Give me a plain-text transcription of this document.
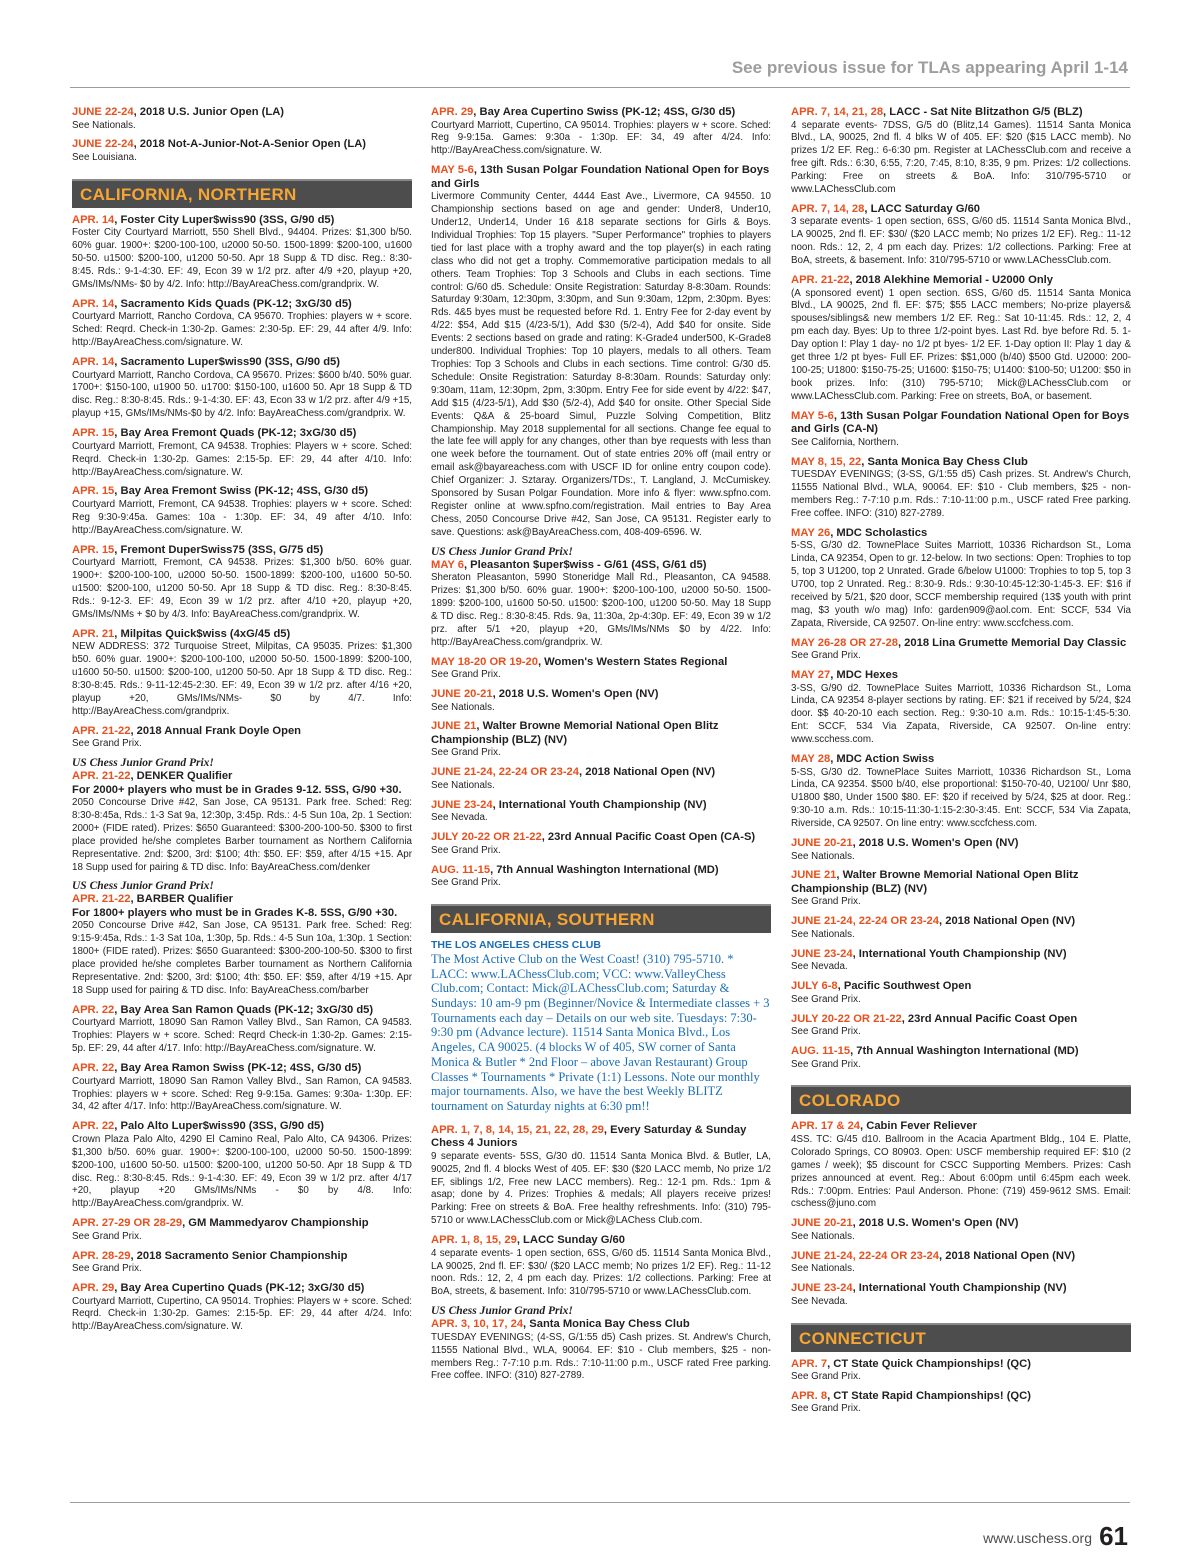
See previous issue for TLAs appearing April 1-14
JUNE 22-24, 2018 U.S. Junior Open (LA)
See Nationals.
JUNE 22-24, 2018 Not-A-Junior-Not-A-Senior Open (LA)
See Louisiana.
CALIFORNIA, NORTHERN
APR. 14, Foster City Luper$wiss90 (3SS, G/90 d5)
Foster City Courtyard Marriott, 550 Shell Blvd., 94404. Prizes: $1,300 b/50. 60% guar. 1900+: $200-100-100, u2000 50-50. 1500-1899: $200-100, u1600 50-50. u1500: $200-100, u1200 50-50. Apr 18 Supp & TD disc. Reg.: 8:30-8:45. Rds.: 9-1-4:30. EF: 49, Econ 39 w 1/2 prz. after 4/9 +20, playup +20, GMs/IMs/NMs- $0 by 4/2. Info: http://BayAreaChess.com/grandprix. W.
APR. 14, Sacramento Kids Quads (PK-12; 3xG/30 d5)
Courtyard Marriott, Rancho Cordova, CA 95670. Trophies: players w + score. Sched: Reqrd. Check-in 1:30-2p. Games: 2:30-5p. EF: 29, 44 after 4/9. Info: http://BayAreaChess.com/signature. W.
APR. 14, Sacramento Luper$wiss90 (3SS, G/90 d5)
Courtyard Marriott, Rancho Cordova, CA 95670. Prizes: $600 b/40. 50% guar. 1700+: $150-100, u1900 50. u1700: $150-100, u1600 50. Apr 18 Supp & TD disc. Reg.: 8:30-8:45. Rds.: 9-1-4:30. EF: 43, Econ 33 w 1/2 prz. after 4/9 +15, playup +15, GMs/IMs/NMs-$0 by 4/2. Info: BayAreaChess.com/grandprix. W.
APR. 15, Bay Area Fremont Quads (PK-12; 3xG/30 d5)
Courtyard Marriott, Fremont, CA 94538. Trophies: Players w + score. Sched: Reqrd. Check-in 1:30-2p. Games: 2:15-5p. EF: 29, 44 after 4/10. Info: http://BayAreaChess.com/signature. W.
APR. 15, Bay Area Fremont Swiss (PK-12; 4SS, G/30 d5)
Courtyard Marriott, Fremont, CA 94538. Trophies: players w + score. Sched: Reg 9:30-9:45a. Games: 10a - 1:30p. EF: 34, 49 after 4/10. Info: http://BayAreaChess.com/signature. W.
APR. 15, Fremont DuperSwiss75 (3SS, G/75 d5)
Courtyard Marriott, Fremont, CA 94538. Prizes: $1,300 b/50. 60% guar. 1900+: $200-100-100, u2000 50-50. 1500-1899: $200-100, u1600 50-50. u1500: $200-100, u1200 50-50. Apr 18 Supp & TD disc. Reg.: 8:30-8:45. Rds.: 9-12-3. EF: 49, Econ 39 w 1/2 prz. after 4/10 +20, playup +20, GMs/IMs/NMs + $0 by 4/3. Info: BayAreaChess.com/grandprix. W.
APR. 21, Milpitas Quick$wiss (4xG/45 d5)
NEW ADDRESS: 372 Turquoise Street, Milpitas, CA 95035. Prizes: $1,300 b50. 60% guar. 1900+: $200-100-100, u2000 50-50. 1500-1899: $200-100, u1600 50-50. u1500: $200-100, u1200 50-50. Apr 18 Supp & TD disc. Reg.: 8:30-8:45. Rds.: 9-11-12:45-2:30. EF: 49, Econ 39 w 1/2 prz. after 4/16 +20, playup +20, GMs/IMs/NMs- $0 by 4/7. Info: http://BayAreaChess.com/grandprix.
APR. 21-22, 2018 Annual Frank Doyle Open
See Grand Prix.
US Chess Junior Grand Prix!
APR. 21-22, DENKER Qualifier
For 2000+ players who must be in Grades 9-12. 5SS, G/90 +30.
2050 Concourse Drive #42, San Jose, CA 95131. Park free. Sched: Reg: 8:30-8:45a, Rds.: 1-3 Sat 9a, 12:30p, 3:45p. Rds.: 4-5 Sun 10a, 2p. 1 Section: 2000+ (FIDE rated). Prizes: $650 Guaranteed: $300-200-100-50. $300 to first place provided he/she completes Barber tournament as Northern California Representative. 2nd: $200, 3rd: $100; 4th: $50. EF: $59, after 4/15 +15. Apr 18 Supp used for pairing & TD disc. Info: BayAreaChess.com/denker
US Chess Junior Grand Prix!
APR. 21-22, BARBER Qualifier
For 1800+ players who must be in Grades K-8. 5SS, G/90 +30.
2050 Concourse Drive #42, San Jose, CA 95131. Park free. Sched: Reg: 9:15-9:45a, Rds.: 1-3 Sat 10a, 1:30p, 5p. Rds.: 4-5 Sun 10a, 1:30p. 1 Section: 1800+ (FIDE rated). Prizes: $650 Guaranteed: $300-200-100-50. $300 to first place provided he/she completes Barber tournament as Northern California Representative. 2nd: $200, 3rd: $100; 4th: $50. EF: $59, after 4/19 +15. Apr 18 Supp used for pairing & TD disc. Info: BayAreaChess.com/barber
APR. 22, Bay Area San Ramon Quads (PK-12; 3xG/30 d5)
Courtyard Marriott, 18090 San Ramon Valley Blvd., San Ramon, CA 94583. Trophies: Players w + score. Sched: Reqrd Check-in 1:30-2p. Games: 2:15-5p. EF: 29, 44 after 4/17. Info: http://BayAreaChess.com/signature. W.
APR. 22, Bay Area Ramon Swiss (PK-12; 4SS, G/30 d5)
Courtyard Marriott, 18090 San Ramon Valley Blvd., San Ramon, CA 94583. Trophies: players w + score. Sched: Reg 9-9:15a. Games: 9:30a- 1:30p. EF: 34, 42 after 4/17. Info: http://BayAreaChess.com/signature. W.
APR. 22, Palo Alto Luper$wiss90 (3SS, G/90 d5)
Crown Plaza Palo Alto, 4290 El Camino Real, Palo Alto, CA 94306. Prizes: $1,300 b/50. 60% guar. 1900+: $200-100-100, u2000 50-50. 1500-1899: $200-100, u1600 50-50. u1500: $200-100, u1200 50-50. Apr 18 Supp & TD disc. Reg.: 8:30-8:45. Rds.: 9-1-4:30. EF: 49, Econ 39 w 1/2 prz. after 4/17 +20, playup +20 GMs/IMs/NMs - $0 by 4/8. Info: http://BayAreaChess.com/grandprix. W.
APR. 27-29 OR 28-29, GM Mammedyarov Championship
See Grand Prix.
APR. 28-29, 2018 Sacramento Senior Championship
See Grand Prix.
APR. 29, Bay Area Cupertino Quads (PK-12; 3xG/30 d5)
Courtyard Marriott, Cupertino, CA 95014. Trophies: Players w + score. Sched: Reqrd. Check-in 1:30-2p. Games: 2:15-5p. EF: 29, 44 after 4/24. Info: http://BayAreaChess.com/signature. W.
APR. 29, Bay Area Cupertino Swiss (PK-12; 4SS, G/30 d5)
Courtyard Marriott, Cupertino, CA 95014. Trophies: players w + score. Sched: Reg 9-9:15a. Games: 9:30a - 1:30p. EF: 34, 49 after 4/24. Info: http://BayAreaChess.com/signature. W.
MAY 5-6, 13th Susan Polgar Foundation National Open for Boys and Girls
Livermore Community Center, 4444 East Ave., Livermore, CA 94550. 10 Championship sections based on age and gender: Under8, Under10, Under12, Under14, Under 16 &18 separate sections for Girls & Boys. Individual Trophies: Top 15 players. "Super Performance" trophies to players tied for last place with a trophy award and the top player(s) in each rating class who did not get a trophy. Commemorative participation medals to all others. Team Trophies: Top 3 Schools and Clubs in each sections. Time control: G/60 d5. Schedule: Onsite Registration: Saturday 8-8:30am. Rounds: Saturday 9:30am, 12:30pm, 3:30pm, and Sun 9:30am, 12pm, 2:30pm. Byes: Rds. 4&5 byes must be requested before Rd. 1. Entry Fee for 2-day event by 4/22: $54, Add $15 (4/23-5/1), Add $30 (5/2-4), Add $40 for onsite. Side Events: 2 sections based on grade and rating: K-Grade4 under500, K-Grade8 under800. Individual Trophies: Top 10 players, medals to all others. Team Trophies: Top 3 Schools and Clubs in each sections. Time control: G/30 d5. Schedule: Onsite Registration: Saturday 8-8:30am. Rounds: Saturday only: 9:30am, 11am, 12:30pm, 2pm, 3:30pm. Entry Fee for side event by 4/22: $47, Add $15 (4/23-5/1), Add $30 (5/2-4), Add $40 for onsite. Other Special Side Events: Q&A & 25-board Simul, Puzzle Solving Competition, Blitz Championship. May 2018 supplemental for all sections. Change fee equal to the late fee will apply for any changes, other than bye requests with less than one week before the tournament. Out of state entries 20% off (mail entry or email ask@bayareachess.com with USCF ID for online entry coupon code). Chief Organizer: J. Sztaray. Organizers/TDs:, T. Langland, J. McCumiskey. Sponsored by Susan Polgar Foundation. More info & flyer: www.spfno.com. Register online at www.spfno.com/registration. Mail entries to Bay Area Chess, 2050 Concourse Drive #42, San Jose, CA 95131. Register early to save. Questions: ask@BayAreaChess.com, 408-409-6596. W.
US Chess Junior Grand Prix!
MAY 6, Pleasanton $uper$wiss - G/61 (4SS, G/61 d5)
Sheraton Pleasanton, 5990 Stoneridge Mall Rd., Pleasanton, CA 94588. Prizes: $1,300 b/50. 60% guar. 1900+: $200-100-100, u2000 50-50. 1500-1899: $200-100, u1600 50-50. u1500: $200-100, u1200 50-50. May 18 Supp & TD disc. Reg.: 8:30-8:45. Rds. 9a, 11:30a, 2p-4:30p. EF: 49, Econ 39 w 1/2 prz. after 5/1 +20, playup +20, GMs/IMs/NMs $0 by 4/22. Info: http://BayAreaChess.com/grandprix. W.
MAY 18-20 OR 19-20, Women's Western States Regional
See Grand Prix.
JUNE 20-21, 2018 U.S. Women's Open (NV)
See Nationals.
JUNE 21, Walter Browne Memorial National Open Blitz Championship (BLZ) (NV)
See Grand Prix.
JUNE 21-24, 22-24 OR 23-24, 2018 National Open (NV)
See Nationals.
JUNE 23-24, International Youth Championship (NV)
See Nevada.
JULY 20-22 OR 21-22, 23rd Annual Pacific Coast Open (CA-S)
See Grand Prix.
AUG. 11-15, 7th Annual Washington International (MD)
See Grand Prix.
CALIFORNIA, SOUTHERN
THE LOS ANGELES CHESS CLUB
The Most Active Club on the West Coast! (310) 795-5710. * LACC: www.LAChessClub.com; VCC: www.ValleyChess Club.com; Contact: Mick@LAChessClub.com; Saturday & Sundays: 10 am-9 pm (Beginner/Novice & Intermediate classes + 3 Tournaments each day – Details on our web site. Tuesdays: 7:30-9:30 pm (Advance lecture). 11514 Santa Monica Blvd., Los Angeles, CA 90025. (4 blocks W of 405, SW corner of Santa Monica & Butler * 2nd Floor – above Javan Restaurant) Group Classes * Tournaments * Private (1:1) Lessons. Note our monthly major tournaments. Also, we have the best Weekly BLITZ tournament on Saturday nights at 6:30 pm!!
APR. 1, 7, 8, 14, 15, 21, 22, 28, 29, Every Saturday & Sunday Chess 4 Juniors
9 separate events- 5SS, G/30 d0. 11514 Santa Monica Blvd. & Butler, LA, 90025, 2nd fl. 4 blocks West of 405. EF: $30 ($20 LACC memb, No prize 1/2 EF, siblings 1/2, Free new LACC members). Reg.: 12-1 pm. Rds.: 1pm & asap; done by 4. Prizes: Trophies & medals; All players receive prizes! Parking: Free on streets & BoA. Free healthy refreshments. Info: (310) 795-5710 or www.LAChessClub.com or Mick@LAChess Club.com.
APR. 1, 8, 15, 29, LACC Sunday G/60
4 separate events- 1 open section, 6SS, G/60 d5. 11514 Santa Monica Blvd., LA 90025, 2nd fl. EF: $30/ ($20 LACC memb; No prizes 1/2 EF). Reg.: 11-12 noon. Rds.: 12, 2, 4 pm each day. Prizes: 1/2 collections. Parking: Free at BoA, streets, & basement. Info: 310/795-5710 or www.LAChessClub.com.
US Chess Junior Grand Prix!
APR. 3, 10, 17, 24, Santa Monica Bay Chess Club
TUESDAY EVENINGS; (4-SS, G/1:55 d5) Cash prizes. St. Andrew's Church, 11555 National Blvd., WLA, 90064. EF: $10 - Club members, $25 - non-members Reg.: 7-7:10 p.m. Rds.: 7:10-11:00 p.m., USCF rated Free parking. Free coffee. INFO: (310) 827-2789.
APR. 7, 14, 21, 28, LACC - Sat Nite Blitzathon G/5 (BLZ)
4 separate events- 7DSS, G/5 d0 (Blitz,14 Games). 11514 Santa Monica Blvd., LA, 90025, 2nd fl. 4 blks W of 405. EF: $20 ($15 LACC memb). No prizes 1/2 EF. Reg.: 6-6:30 pm. Register at LAChessClub.com and receive a free gift. Rds.: 6:30, 6:55, 7:20, 7:45, 8:10, 8:35, 9 pm. Prizes: 1/2 collections. Parking: Free on streets & BoA. Info: 310/795-5710 or www.LAChessClub.com
APR. 7, 14, 28, LACC Saturday G/60
3 separate events- 1 open section, 6SS, G/60 d5. 11514 Santa Monica Blvd., LA 90025, 2nd fl. EF: $30/ ($20 LACC memb; No prizes 1/2 EF). Reg.: 11-12 noon. Rds.: 12, 2, 4 pm each day. Prizes: 1/2 collections. Parking: Free at BoA, streets, & basement. Info: 310/795-5710 or www.LAChessClub.com.
APR. 21-22, 2018 Alekhine Memorial - U2000 Only
(A sponsored event) 1 open section. 6SS, G/60 d5. 11514 Santa Monica Blvd., LA 90025, 2nd fl. EF: $75; $55 LACC members; No-prize players& spouses/siblings& new members 1/2 EF. Reg.: Sat 10-11:45. Rds.: 12, 2, 4 pm each day. Byes: Up to three 1/2-point byes. Last Rd. bye before Rd. 5. 1-Day option I: Play 1 day- no 1/2 pt byes- 1/2 EF. 1-Day option II: Play 1 day & get three 1/2 pt byes- Full EF. Prizes: $$1,000 (b/40) $500 Gtd. U2000: 200-100-25; U1800: $150-75-25; U1600: $150-75; U1400: $100-50; U1200: $50 in book prizes. Info: (310) 795-5710; Mick@LAChessClub.com or www.LAChessClub.com. Parking: Free on streets, BoA, or basement.
MAY 5-6, 13th Susan Polgar Foundation National Open for Boys and Girls (CA-N)
See California, Northern.
MAY 8, 15, 22, Santa Monica Bay Chess Club
TUESDAY EVENINGS; (3-SS, G/1:55 d5) Cash prizes. St. Andrew's Church, 11555 National Blvd., WLA, 90064. EF: $10 - Club members, $25 - non-members Reg.: 7-7:10 p.m. Rds.: 7:10-11:00 p.m., USCF rated Free parking. Free coffee. INFO: (310) 827-2789.
MAY 26, MDC Scholastics
5-SS, G/30 d2. TownePlace Suites Marriott, 10336 Richardson St., Loma Linda, CA 92354, Open to gr. 12-below. In two sections: Open: Trophies to top 5, top 3 U1200, top 2 Unrated. Grade 6/below U1000: Trophies to top 5, top 3 U700, top 2 Unrated. Reg.: 8:30-9. Rds.: 9:30-10:45-12:30-1:45-3. EF: $16 if received by 5/21, $20 door, SCCF membership required (13$ youth with print mag, $3 youth w/o mag) Info: garden909@aol.com. Ent: SCCF, 534 Via Zapata, Riverside, CA 92507. On-line entry: www.sccfchess.com.
MAY 26-28 OR 27-28, 2018 Lina Grumette Memorial Day Classic
See Grand Prix.
MAY 27, MDC Hexes
3-SS, G/90 d2. TownePlace Suites Marriott, 10336 Richardson St., Loma Linda, CA 92354 8-player sections by rating. EF: $21 if received by 5/24, $24 door. $$ 40-20-10 each section. Reg.: 9:30-10 a.m. Rds.: 10:15-1:45-5:30. Ent: SCCF, 534 Via Zapata, Riverside, CA 92507. On-line entry: www.scchess.com.
MAY 28, MDC Action Swiss
5-SS, G/30 d2. TownePlace Suites Marriott, 10336 Richardson St., Loma Linda, CA 92354. $500 b/40, else proportional: $150-70-40, U2100/ Unr $80, U1800 $80, Under 1500 $80. EF: $20 if received by 5/24, $25 at door. Reg.: 9:30-10 a.m. Rds.: 10:15-11:30-1:15-2:30-3:45. Ent: SCCF, 534 Via Zapata, Riverside, CA 92507. On line entry: www.sccfchess.com.
JUNE 20-21, 2018 U.S. Women's Open (NV)
See Nationals.
JUNE 21, Walter Browne Memorial National Open Blitz Championship (BLZ) (NV)
See Grand Prix.
JUNE 21-24, 22-24 OR 23-24, 2018 National Open (NV)
See Nationals.
JUNE 23-24, International Youth Championship (NV)
See Nevada.
JULY 6-8, Pacific Southwest Open
See Grand Prix.
JULY 20-22 OR 21-22, 23rd Annual Pacific Coast Open
See Grand Prix.
AUG. 11-15, 7th Annual Washington International (MD)
See Grand Prix.
COLORADO
APR. 17 & 24, Cabin Fever Reliever
4SS. TC: G/45 d10. Ballroom in the Acacia Apartment Bldg., 104 E. Platte, Colorado Springs, CO 80903. Open: USCF membership required EF: $10 (2 games / week); $5 discount for CSCC Supporting Members. Prizes: Cash prizes announced at event. Reg.: About 6:00pm until 6:45pm each week. Rds.: 7:00pm. Entries: Paul Anderson. Phone: (719) 459-9612 SMS. Email: cschess@juno.com
JUNE 20-21, 2018 U.S. Women's Open (NV)
See Nationals.
JUNE 21-24, 22-24 OR 23-24, 2018 National Open (NV)
See Nationals.
JUNE 23-24, International Youth Championship (NV)
See Nevada.
CONNECTICUT
APR. 7, CT State Quick Championships! (QC)
See Grand Prix.
APR. 8, CT State Rapid Championships! (QC)
See Grand Prix.
www.uschess.org 61
